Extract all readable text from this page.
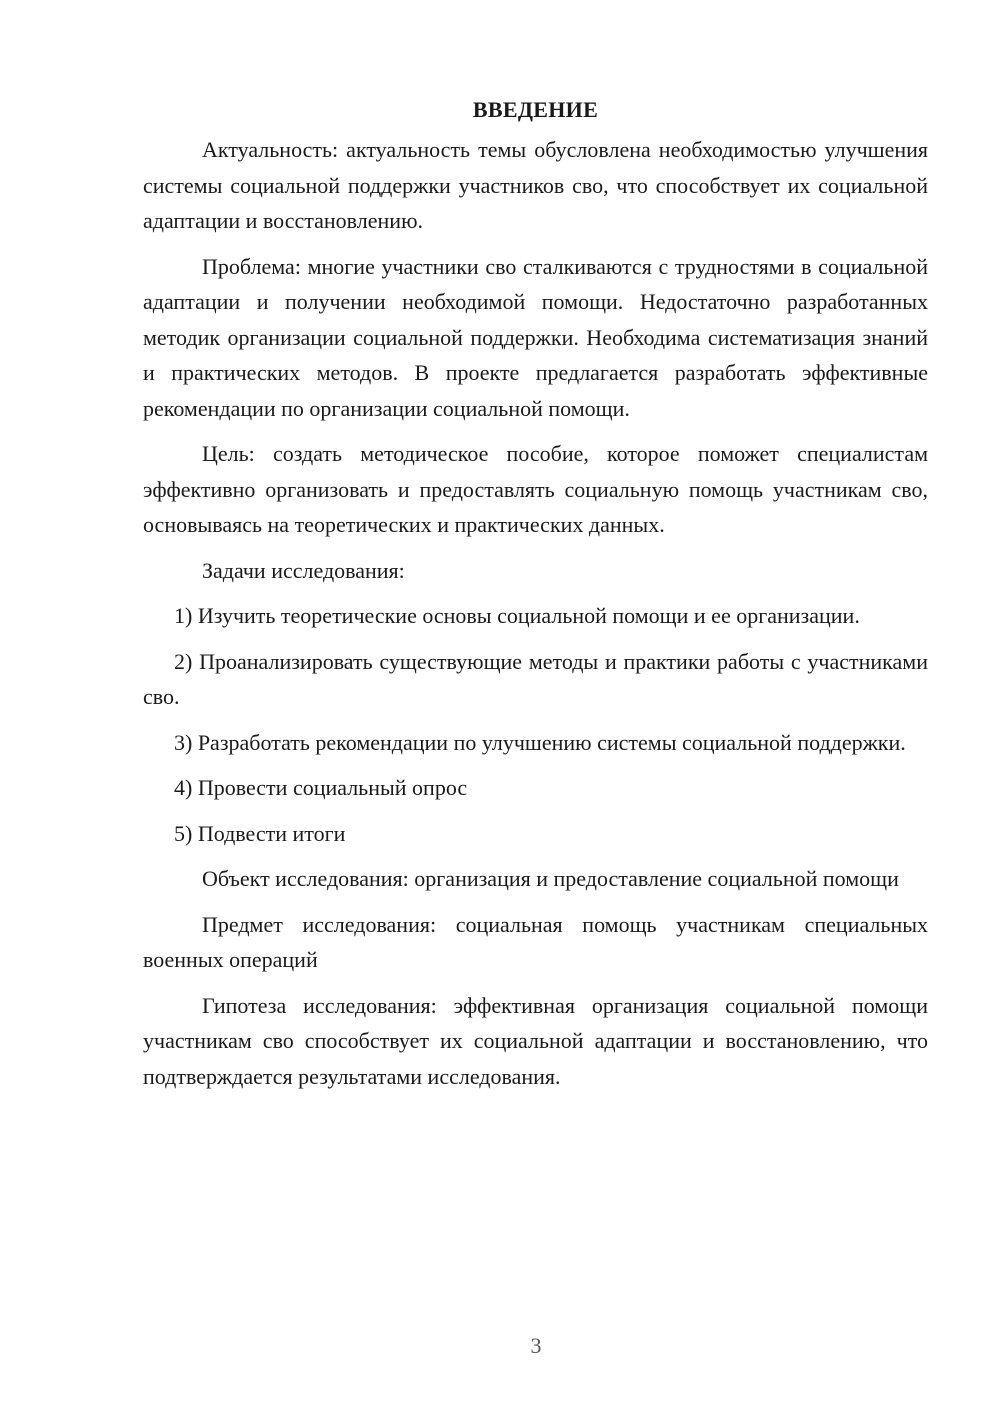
ВВЕДЕНИЕ

Актуальность: актуальность темы обусловлена необходимостью улучшения системы социальной поддержки участников сво, что способствует их социальной адаптации и восстановлению.

Проблема: многие участники сво сталкиваются с трудностями в социальной адаптации и получении необходимой помощи. Недостаточно разработанных методик организации социальной поддержки. Необходима систематизация знаний и практических методов. В проекте предлагается разработать эффективные рекомендации по организации социальной помощи.

Цель: создать методическое пособие, которое поможет специалистам эффективно организовать и предоставлять социальную помощь участникам сво, основываясь на теоретических и практических данных.

Задачи исследования:

1) Изучить теоретические основы социальной помощи и ее организации.

2) Проанализировать существующие методы и практики работы с участниками сво.

3) Разработать рекомендации по улучшению системы социальной поддержки.

4) Провести социальный опрос

5) Подвести итоги

Объект исследования: организация и предоставление социальной помощи

Предмет исследования: социальная помощь участникам специальных военных операций

Гипотеза исследования: эффективная организация социальной помощи участникам сво способствует их социальной адаптации и восстановлению, что подтверждается результатами исследования.

3
